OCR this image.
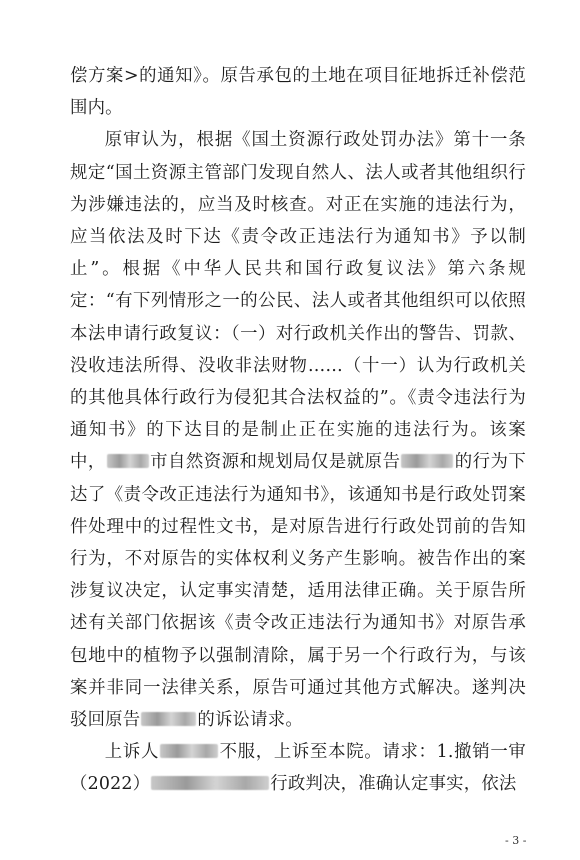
偿方案>的通知》。原告承包的土地在项目征地拆迁补偿范围内。

原审认为，根据《国土资源行政处罚办法》第十一条规定“国土资源主管部门发现自然人、法人或者其他组织行为涉嫌违法的，应当及时核查。对正在实施的违法行为，应当依法及时下达《责令改正违法行为通知书》予以制止”。根据《中华人民共和国行政复议法》第六条规定：“有下列情形之一的公民、法人或者其他组织可以依照本法申请行政复议：（一）对行政机关作出的警告、罚款、没收违法所得、没收非法财物……（十一）认为行政机关的其他具体行政行为侵犯其合法权益的”。《责令违法行为通知书》的下达目的是制止正在实施的违法行为。该案中，	市自然资源和规划局仅是就原告	的行为下达了《责令改正违法行为通知书》，该通知书是行政处罚案件处理中的过程性文书，是对原告进行行政处罚前的告知行为，不对原告的实体权利义务产生影响。被告作出的案涉复议决定，认定事实清楚，适用法律正确。关于原告所述有关部门依据该《责令改正违法行为通知书》对原告承包地中的植物予以强制清除，属于另一个行政行为，与该案并非同一法律关系，原告可通过其他方式解决。遂判决驳回原告	的诉讼请求。

上诉人	不服，上诉至本院。请求：1.撤销一审（2022）	行政判决，准确认定事实，依法

- 3 -
